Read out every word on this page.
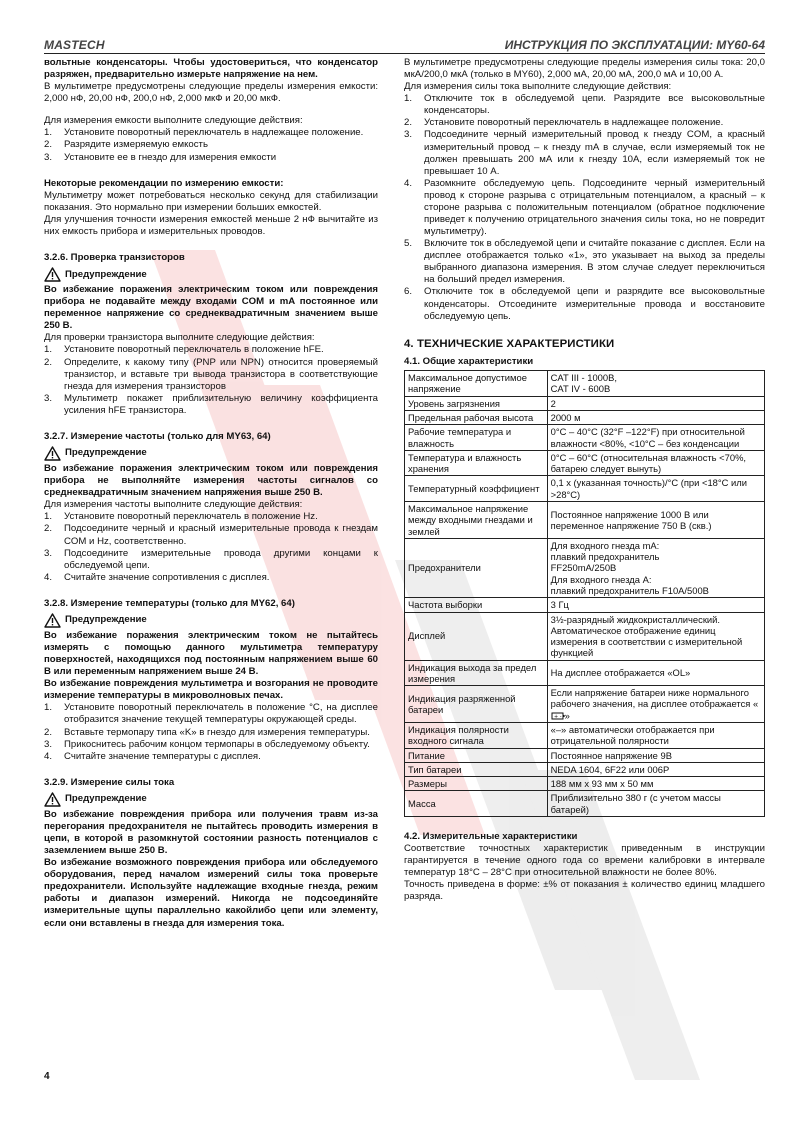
MASTECH	ИНСТРУКЦИЯ ПО ЭКСПЛУАТАЦИИ: MY60-64

вольтные конденсаторы. Чтобы удостовериться, что конденсатор разряжен, предварительно измерьте напряжение на нем.

В мультиметре предусмотрены следующие пределы измерения емкости: 2,000 нФ, 20,00 нФ, 200,0 нФ, 2,000 мкФ и 20,00 мкФ.

Для измерения емкости выполните следующие действия:

1. Установите поворотный переключатель в надлежащее положение.
2. Разрядите измеряемую емкость
3. Установите ее в гнездо для измерения емкости

Некоторые рекомендации по измерению емкости:

Мультиметру может потребоваться несколько секунд для стабилизации показания. Это нормально при измерении больших емкостей.

Для улучшения точности измерения емкостей меньше 2 нФ вычитайте из них емкость прибора и измерительных проводов.

3.2.6. Проверка транзисторов
Предупреждение

Во избежание поражения электрическим током или повреждения прибора не подавайте между входами COM и mA постоянное или переменное напряжение со среднеквадратичным значением выше 250 В.

Для проверки транзистора выполните следующие действия:

1. Установите поворотный переключатель в положение hFE.
2. Определите, к какому типу (PNP или NPN) относится проверяемый транзистор, и вставьте три вывода транзистора в соответствующие гнезда для измерения транзисторов
3. Мультиметр покажет приблизительную величину коэффициента усиления hFE транзистора.
3.2.7. Измерение частоты (только для MY63, 64)
Предупреждение

Во избежание поражения электрическим током или повреждения прибора не выполняйте измерения частоты сигналов со среднеквадратичным значением напряжения выше 250 В.

Для измерения частоты выполните следующие действия:

1. Установите поворотный переключатель в положение Hz.
2. Подсоедините черный и красный измерительные провода к гнездам COM и Hz, соответственно.
3. Подсоедините измерительные провода другими концами к обследуемой цепи.
4. Считайте значение сопротивления с дисплея.
3.2.8. Измерение температуры (только для MY62, 64)
Предупреждение

Во избежание поражения электрическим током не пытайтесь измерять с помощью данного мультиметра температуру поверхностей, находящихся под постоянным напряжением выше 60 В или переменным напряжением выше 24 В.

Во избежание повреждения мультиметра и возгорания не проводите измерение температуры в микроволновых печах.

1. Установите поворотный переключатель в положение °C, на дисплее отобразится значение текущей температуры окружающей среды.
2. Вставьте термопару типа «K» в гнездо для измерения температуры.
3. Прикоснитесь рабочим концом термопары в обследуемому объекту.
4. Считайте значение температуры с дисплея.
3.2.9. Измерение силы тока
Предупреждение

Во избежание повреждения прибора или получения травм из-за перегорания предохранителя не пытайтесь проводить измерения в цепи, в которой в разомкнутой состоянии разность потенциалов с заземлением выше 250 В.

Во избежание возможного повреждения прибора или обследуемого оборудования, перед началом измерений силы тока проверьте предохранители. Используйте надлежащие входные гнезда, режим работы и диапазон измерений. Никогда не подсоединяйте измерительные щупы параллельно какойлибо цепи или элементу, если они вставлены в гнезда для измерения тока.

В мультиметре предусмотрены следующие пределы измерения силы тока: 20,0 мкА/200,0 мкА (только в MY60), 2,000 мА, 20,00 мА, 200,0 мА и 10,00 А.

Для измерения силы тока выполните следующие действия:

1. Отключите ток в обследуемой цепи. Разрядите все высоковольтные конденсаторы.
2. Установите поворотный переключатель в надлежащее положение.
3. Подсоедините черный измерительный провод к гнезду COM, а красный измерительный провод – к гнезду mA в случае, если измеряемый ток не должен превышать 200 мА или к гнезду 10A, если измеряемый ток не превышает 10 А.
4. Разомкните обследуемую цепь. Подсоедините черный измерительный провод к стороне разрыва с отрицательным потенциалом, а красный – к стороне разрыва с положительным потенциалом (обратное подключение приведет к получению отрицательного значения силы тока, но не повредит мультиметру).
5. Включите ток в обследуемой цепи и считайте показание с дисплея. Если на дисплее отображается только «1», это указывает на выход за пределы выбранного диапазона измерения. В этом случае следует переключиться на больший предел измерения.
6. Отключите ток в обследуемой цепи и разрядите все высоковольтные конденсаторы. Отсоедините измерительные провода и восстановите обследуемую цепь.
4. ТЕХНИЧЕСКИЕ ХАРАКТЕРИСТИКИ
4.1. Общие характеристики
Максимальное допустимое напряжение	CAT III - 1000В,
CAT IV - 600В
Уровень загрязнения	2
Предельная рабочая высота	2000 м
Рабочие температура и влажность	0°C – 40°C (32°F –122°F) при относительной влажности <80%, <10°C – без конденсации
Температура и влажность хранения	0°C – 60°C (относительная влажность <70%, батарею следует вынуть)
Температурный коэффициент	0,1 x (указанная точность)/°C (при <18°C или >28°C)
Максимальное напряжение между входными гнездами и землей	Постоянное напряжение 1000 В или переменное напряжение 750 В (скв.)
Предохранители	Для входного гнезда mA:
плавкий предохранитель
FF250mA/250B
Для входного гнезда A:
плавкий предохранитель F10A/500B
Частота выборки	3 Гц
Дисплей	3½-разрядный жидкокристаллический. Автоматическое отображение единиц измерения в соответствии с измерительной функцией
Индикация выхода за предел измерения	На дисплее отображается «OL»
Индикация разряженной батареи	Если напряжение батареи ниже нормального рабочего значения, на дисплее отображается «
+ - »
Индикация полярности входного сигнала	«–» автоматически отображается при отрицательной полярности
Питание	Постоянное напряжение 9В
Тип батареи	NEDA 1604, 6F22 или 006P
Размеры	188 мм x 93 мм x 50 мм
Масса	Приблизительно 380 г (с учетом массы батарей)
4.2. Измерительные характеристики

Соответствие точностных характеристик приведенным в инструкции гарантируется в течение одного года со времени калибровки в интервале температур 18°C – 28°C при относительной влажности не более 80%.

Точность приведена в форме: ±% от показания ± количество единиц младшего разряда.

4
